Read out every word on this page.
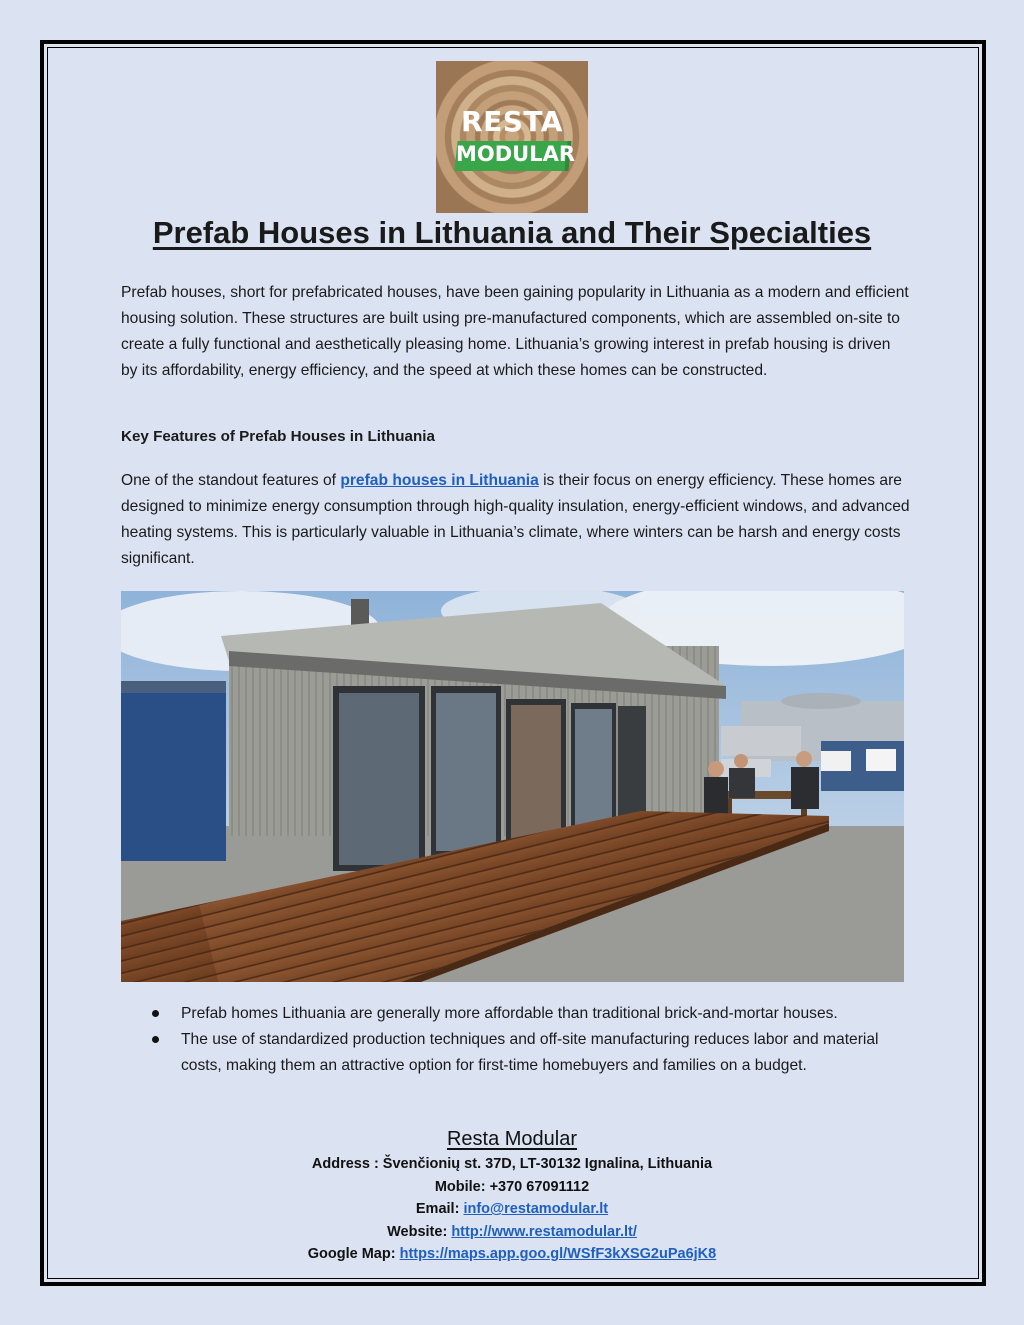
RESTA
MODULAR
Prefab Houses in Lithuania and Their Specialties

Prefab houses, short for prefabricated houses, have been gaining popularity in Lithuania as a modern and efficient housing solution. These structures are built using pre-manufactured components, which are assembled on-site to create a fully functional and aesthetically pleasing home. Lithuania’s growing interest in prefab housing is driven by its affordability, energy efficiency, and the speed at which these homes can be constructed.

Key Features of Prefab Houses in Lithuania

One of the standout features of prefab houses in Lithuania is their focus on energy efficiency. These homes are designed to minimize energy consumption through high-quality insulation, energy-efficient windows, and advanced heating systems. This is particularly valuable in Lithuania’s climate, where winters can be harsh and energy costs significant.

Prefab homes Lithuania are generally more affordable than traditional brick-and-mortar houses.
The use of standardized production techniques and off-site manufacturing reduces labor and material costs, making them an attractive option for first-time homebuyers and families on a budget.
Resta Modular
Address : Švenčionių st. 37D, LT-30132 Ignalina, Lithuania
Mobile: +370 67091112
Email: info@restamodular.lt
Website: http://www.restamodular.lt/
Google Map: https://maps.app.goo.gl/WSfF3kXSG2uPa6jK8
